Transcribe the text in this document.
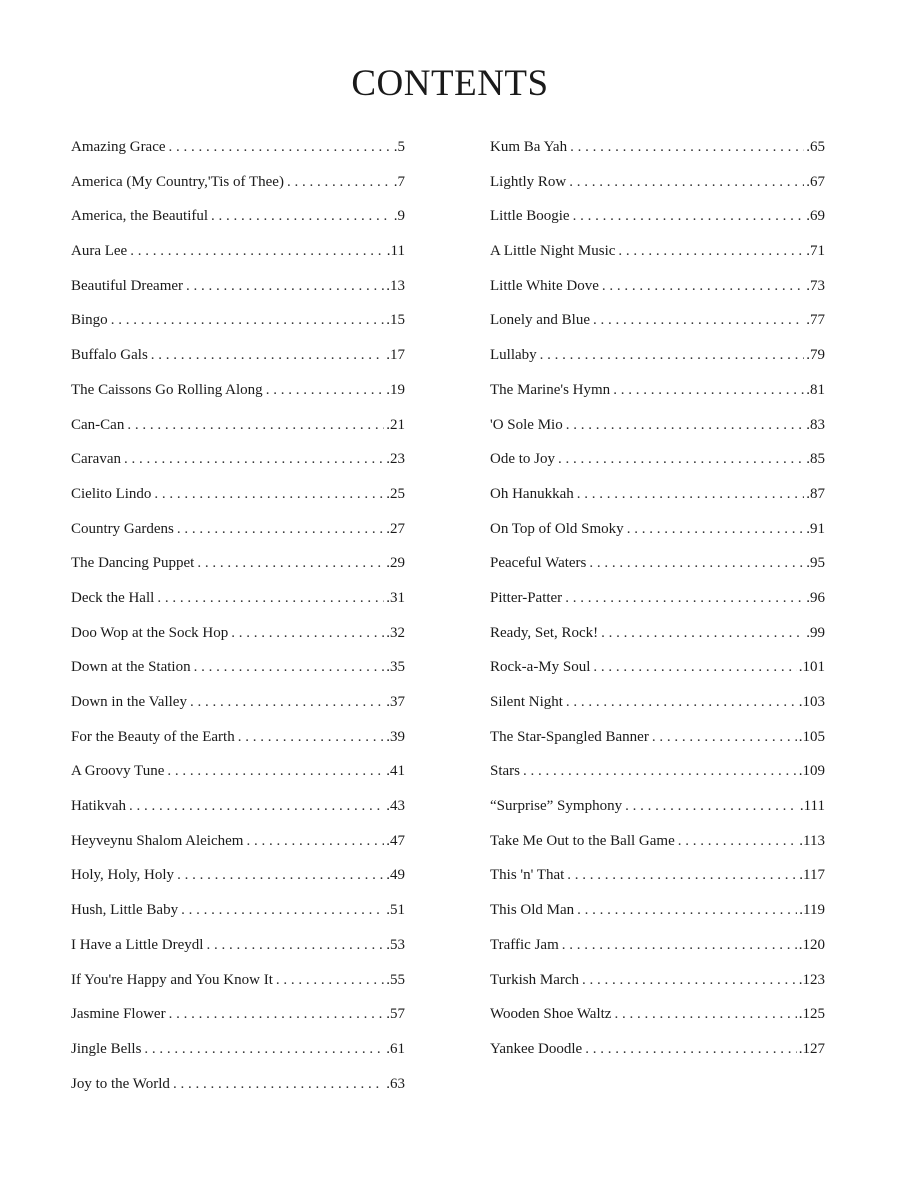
CONTENTS
Amazing Grace . . .	.5
America (My Country,'Tis of Thee) . . .	.7
America, the Beautiful . . .	.9
Aura Lee . . .	.11
Beautiful Dreamer . . .	.13
Bingo . . .	.15
Buffalo Gals . . .	.17
The Caissons Go Rolling Along . . .	.19
Can-Can . . .	.21
Caravan . . .	.23
Cielito Lindo . . .	.25
Country Gardens . . .	.27
The Dancing Puppet . . .	.29
Deck the Hall . . .	.31
Doo Wop at the Sock Hop . . .	.32
Down at the Station . . .	.35
Down in the Valley . . .	.37
For the Beauty of the Earth . . .	.39
A Groovy Tune . . .	.41
Hatikvah . . .	.43
Heyveynu Shalom Aleichem . . .	.47
Holy, Holy, Holy . . .	.49
Hush, Little Baby . . .	.51
I Have a Little Dreydl . . .	.53
If You're Happy and You Know It . . .	.55
Jasmine Flower . . .	.57
Jingle Bells . . .	.61
Joy to the World . . .	.63
Kum Ba Yah . . .	.65
Lightly Row . . .	.67
Little Boogie . . .	.69
A Little Night Music . . .	.71
Little White Dove . . .	.73
Lonely and Blue . . .	.77
Lullaby . . .	.79
The Marine's Hymn . . .	.81
'O Sole Mio . . .	.83
Ode to Joy . . .	.85
Oh Hanukkah . . .	.87
On Top of Old Smoky . . .	.91
Peaceful Waters . . .	.95
Pitter-Patter . . .	.96
Ready, Set, Rock! . . .	.99
Rock-a-My Soul . . .	.101
Silent Night . . .	.103
The Star-Spangled Banner . . .	.105
Stars . . .	.109
“Surprise” Symphony . . .	.111
Take Me Out to the Ball Game . . .	.113
This 'n' That . . .	.117
This Old Man . . .	.119
Traffic Jam . . .	.120
Turkish March . . .	.123
Wooden Shoe Waltz . . .	.125
Yankee Doodle . . .	.127
